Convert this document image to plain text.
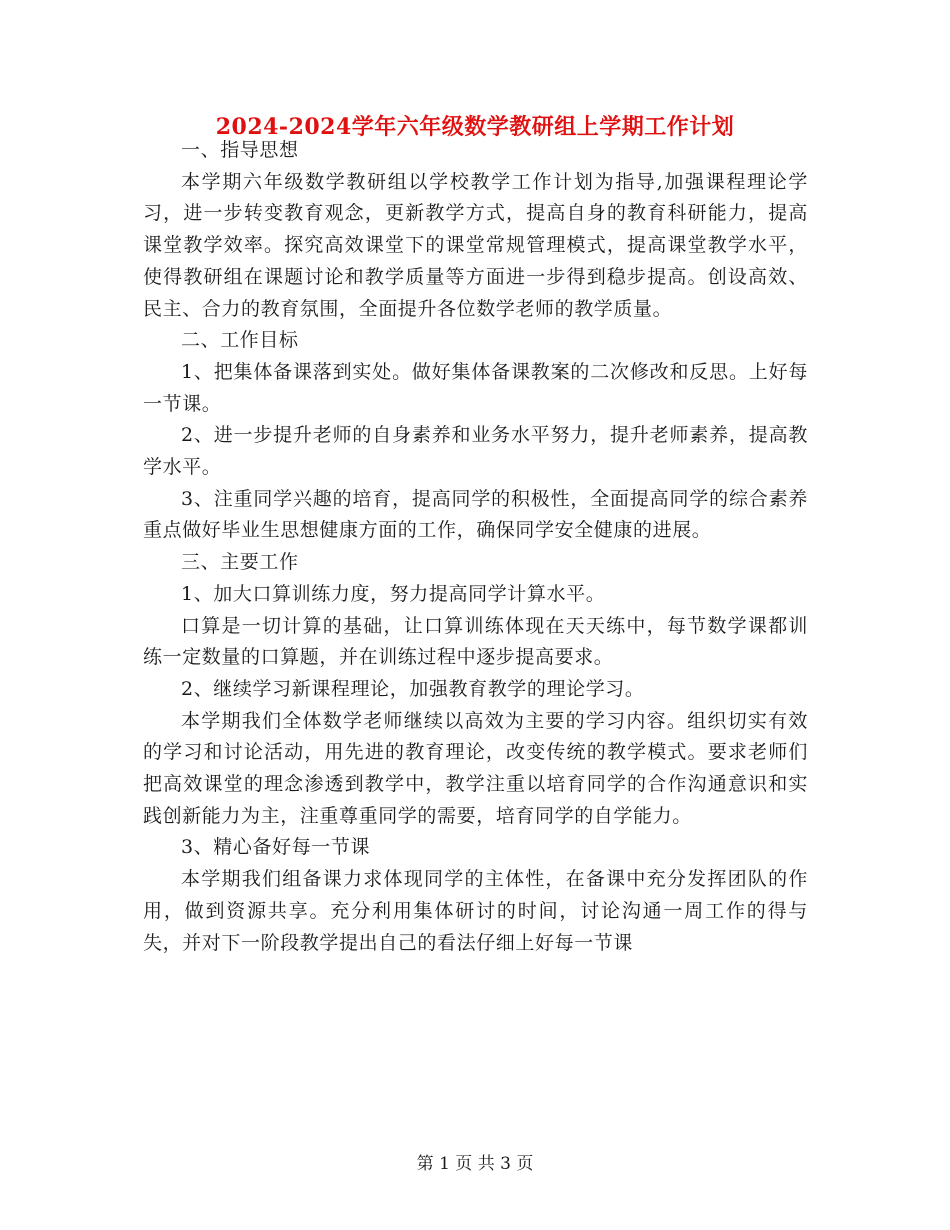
2024-2024学年六年级数学教研组上学期工作计划

一、指导思想

本学期六年级数学教研组以学校教学工作计划为指导,加强课程理论学习，进一步转变教育观念，更新教学方式，提高自身的教育科研能力，提高课堂教学效率。探究高效课堂下的课堂常规管理模式，提高课堂教学水平，使得教研组在课题讨论和教学质量等方面进一步得到稳步提高。创设高效、民主、合力的教育氛围，全面提升各位数学老师的教学质量。

二、工作目标

1、把集体备课落到实处。做好集体备课教案的二次修改和反思。上好每一节课。

2、进一步提升老师的自身素养和业务水平努力，提升老师素养，提高教学水平。

3、注重同学兴趣的培育，提高同学的积极性，全面提高同学的综合素养重点做好毕业生思想健康方面的工作，确保同学安全健康的进展。

三、主要工作

1、加大口算训练力度，努力提高同学计算水平。

口算是一切计算的基础，让口算训练体现在天天练中，每节数学课都训练一定数量的口算题，并在训练过程中逐步提高要求。

2、继续学习新课程理论，加强教育教学的理论学习。

本学期我们全体数学老师继续以高效为主要的学习内容。组织切实有效的学习和讨论活动，用先进的教育理论，改变传统的教学模式。要求老师们把高效课堂的理念渗透到教学中，教学注重以培育同学的合作沟通意识和实践创新能力为主，注重尊重同学的需要，培育同学的自学能力。

3、精心备好每一节课

本学期我们组备课力求体现同学的主体性，在备课中充分发挥团队的作用，做到资源共享。充分利用集体研讨的时间，讨论沟通一周工作的得与失，并对下一阶段教学提出自己的看法仔细上好每一节课

第 1 页 共 3 页
